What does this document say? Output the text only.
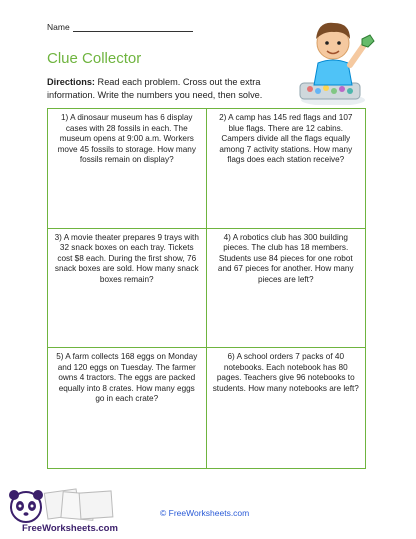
Name
Clue Collector
Directions: Read each problem. Cross out the extra information. Write the numbers you need, then solve.
1) A dinosaur museum has 6 display cases with 28 fossils in each. The museum opens at 9:00 a.m. Workers move 45 fossils to storage. How many fossils remain on display?
2) A camp has 145 red flags and 107 blue flags. There are 12 cabins. Campers divide all the flags equally among 7 activity stations. How many flags does each station receive?
3) A movie theater prepares 9 trays with 32 snack boxes on each tray. Tickets cost $8 each. During the first show, 76 snack boxes are sold. How many snack boxes remain?
4) A robotics club has 300 building pieces. The club has 18 members. Students use 84 pieces for one robot and 67 pieces for another. How many pieces are left?
5) A farm collects 168 eggs on Monday and 120 eggs on Tuesday. The farmer owns 4 tractors. The eggs are packed equally into 8 crates. How many eggs go in each crate?
6) A school orders 7 packs of 40 notebooks. Each notebook has 80 pages. Teachers give 96 notebooks to students. How many notebooks are left?
FreeWorksheets.com
© FreeWorksheets.com
